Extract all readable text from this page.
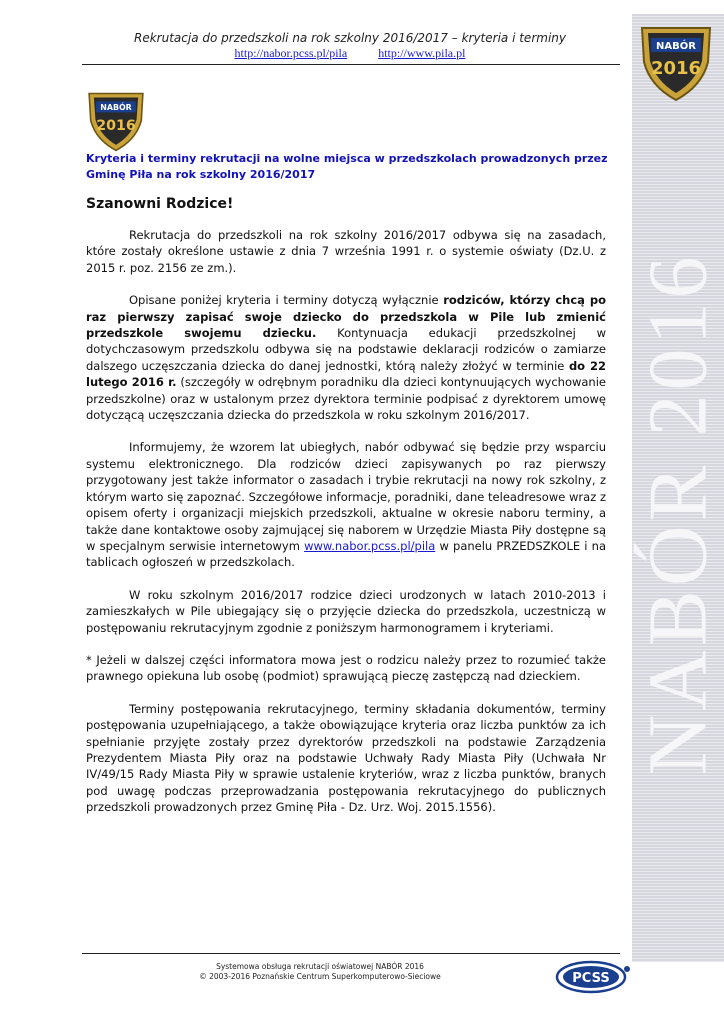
Rekrutacja do przedszkoli na rok szkolny 2016/2017 – kryteria i terminy
http://nabor.pcss.pl/pila	http://www.pila.pl
NABÓR 2016
NABÓR
2016
NABÓR
2016
Kryteria i terminy rekrutacji na wolne miejsca w przedszkolach prowadzonych przez Gminę Piła na rok szkolny 2016/2017
Szanowni Rodzice!

Rekrutacja do przedszkoli na rok szkolny 2016/2017 odbywa się na zasadach, które zostały określone ustawie z dnia 7 września 1991 r. o systemie oświaty (Dz.U. z 2015 r. poz. 2156 ze zm.).

Opisane poniżej kryteria i terminy dotyczą wyłącznie rodziców, którzy chcą po raz pierwszy zapisać swoje dziecko do przedszkola w Pile lub zmienić przedszkole swojemu dziecku. Kontynuacja edukacji przedszkolnej w dotychczasowym przedszkolu odbywa się na podstawie deklaracji rodziców o zamiarze dalszego uczęszczania dziecka do danej jednostki, którą należy złożyć w terminie do 22 lutego 2016 r. (szczegóły w odrębnym poradniku dla dzieci kontynuujących wychowanie przedszkolne) oraz w ustalonym przez dyrektora terminie podpisać z dyrektorem umowę dotyczącą uczęszczania dziecka do przedszkola w roku szkolnym 2016/2017.

Informujemy, że wzorem lat ubiegłych, nabór odbywać się będzie przy wsparciu systemu elektronicznego. Dla rodziców dzieci zapisywanych po raz pierwszy przygotowany jest także informator o zasadach i trybie rekrutacji na nowy rok szkolny, z którym warto się zapoznać. Szczegółowe informacje, poradniki, dane teleadresowe wraz z opisem oferty i organizacji miejskich przedszkoli, aktualne w okresie naboru terminy, a także dane kontaktowe osoby zajmującej się naborem w Urzędzie Miasta Piły dostępne są w specjalnym serwisie internetowym www.nabor.pcss.pl/pila w panelu PRZEDSZKOLE i na tablicach ogłoszeń w przedszkolach.

W roku szkolnym 2016/2017 rodzice dzieci urodzonych w latach 2010-2013 i zamieszkałych w Pile ubiegający się o przyjęcie dziecka do przedszkola, uczestniczą w postępowaniu rekrutacyjnym zgodnie z poniższym harmonogramem i kryteriami.

* Jeżeli w dalszej części informatora mowa jest o rodzicu należy przez to rozumieć także prawnego opiekuna lub osobę (podmiot) sprawującą pieczę zastępczą nad dzieckiem.

Terminy postępowania rekrutacyjnego, terminy składania dokumentów, terminy postępowania uzupełniającego, a także obowiązujące kryteria oraz liczba punktów za ich spełnianie przyjęte zostały przez dyrektorów przedszkoli na podstawie Zarządzenia Prezydentem Miasta Piły oraz na podstawie Uchwały Rady Miasta Piły (Uchwała Nr IV/49/15 Rady Miasta Piły w sprawie ustalenie kryteriów, wraz z liczba punktów, branych pod uwagę podczas przeprowadzania postępowania rekrutacyjnego do publicznych przedszkoli prowadzonych przez Gminę Piła - Dz. Urz. Woj. 2015.1556).

Systemowa obsługa rekrutacji oświatowej NABÓR 2016
© 2003-2016 Poznańskie Centrum Superkomputerowo-Sieciowe	PCSS
